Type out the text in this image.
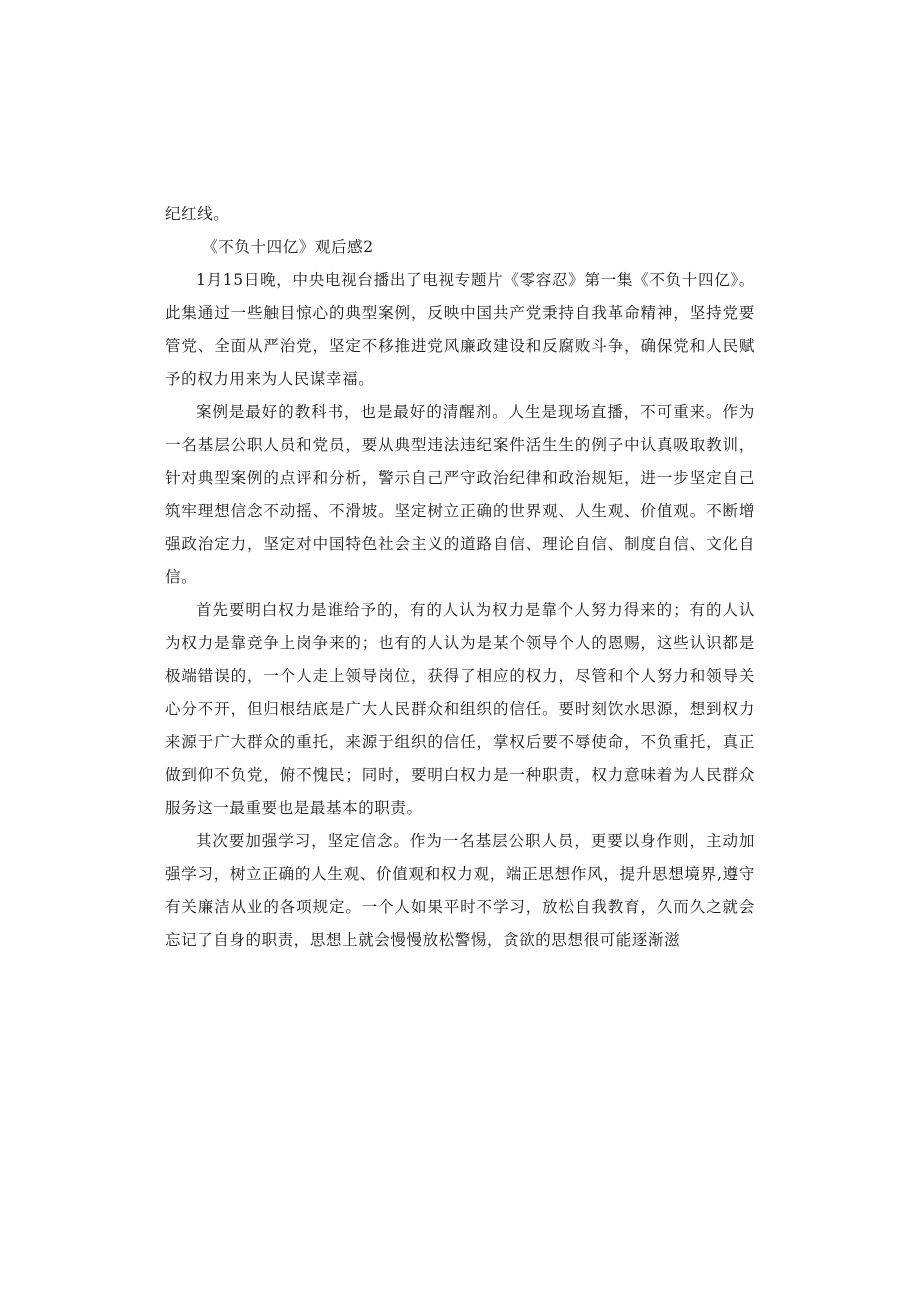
纪红线。

《不负十四亿》观后感2

1月15日晚，中央电视台播出了电视专题片《零容忍》第一集《不负十四亿》。此集通过一些触目惊心的典型案例，反映中国共产党秉持自我革命精神，坚持党要管党、全面从严治党，坚定不移推进党风廉政建设和反腐败斗争，确保党和人民赋予的权力用来为人民谋幸福。

案例是最好的教科书，也是最好的清醒剂。人生是现场直播，不可重来。作为一名基层公职人员和党员，要从典型违法违纪案件活生生的例子中认真吸取教训，针对典型案例的点评和分析，警示自己严守政治纪律和政治规矩，进一步坚定自己筑牢理想信念不动摇、不滑坡。坚定树立正确的世界观、人生观、价值观。不断增强政治定力，坚定对中国特色社会主义的道路自信、理论自信、制度自信、文化自信。

首先要明白权力是谁给予的，有的人认为权力是靠个人努力得来的；有的人认为权力是靠竞争上岗争来的；也有的人认为是某个领导个人的恩赐，这些认识都是极端错误的，一个人走上领导岗位，获得了相应的权力，尽管和个人努力和领导关心分不开，但归根结底是广大人民群众和组织的信任。要时刻饮水思源，想到权力来源于广大群众的重托，来源于组织的信任，掌权后要不辱使命，不负重托，真正做到仰不负党，俯不愧民；同时，要明白权力是一种职责，权力意味着为人民群众服务这一最重要也是最基本的职责。

其次要加强学习，坚定信念。作为一名基层公职人员，更要以身作则，主动加强学习，树立正确的人生观、价值观和权力观，端正思想作风，提升思想境界,遵守有关廉洁从业的各项规定。一个人如果平时不学习，放松自我教育，久而久之就会忘记了自身的职责，思想上就会慢慢放松警惕，贪欲的思想很可能逐渐滋
